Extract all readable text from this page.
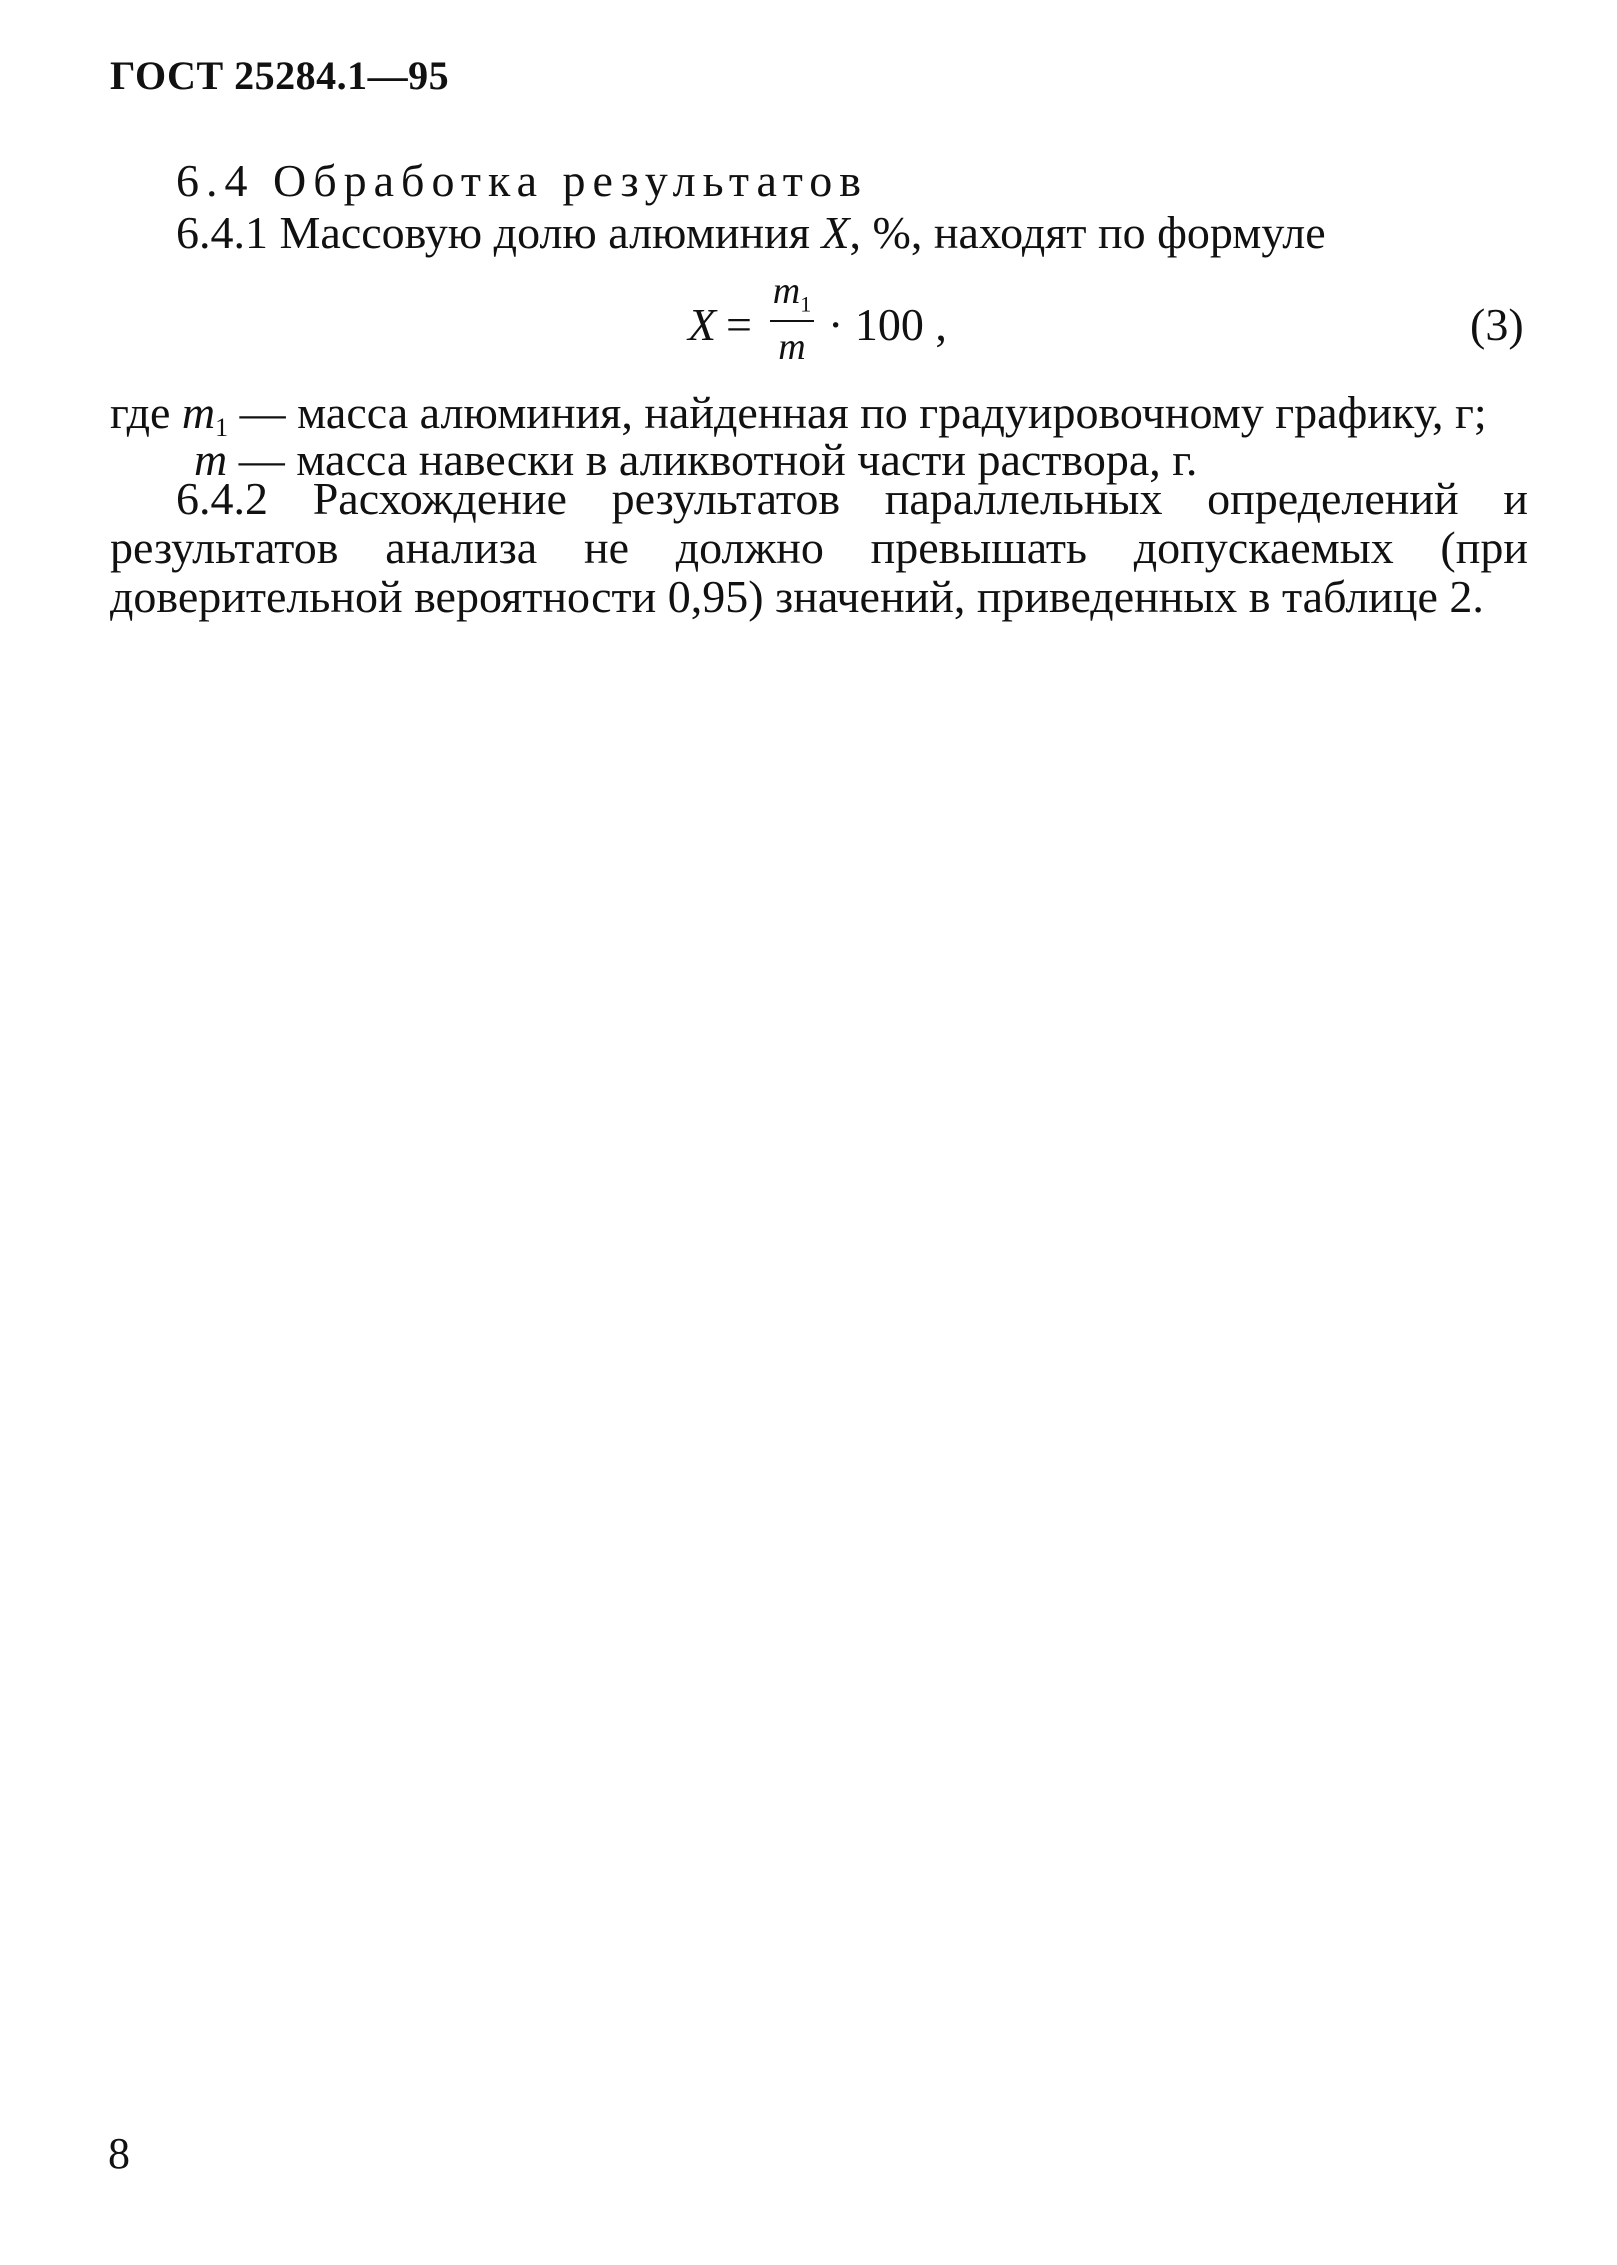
ГОСТ 25284.1—95
6.4 Обработка результатов
6.4.1 Массовую долю алюминия X, %, находят по формуле
X =
$m_1$
m · 100 ,	(3)
где $m_1$ — масса алюминия, найденная по градуировочному графику, г;
m — масса навески в аликвотной части раствора, г.
6.4.2 Расхождение результатов параллельных определений и результатов анализа не должно превышать допускаемых (при доверительной вероятности 0,95) значений, приведенных в таблице 2.
8
